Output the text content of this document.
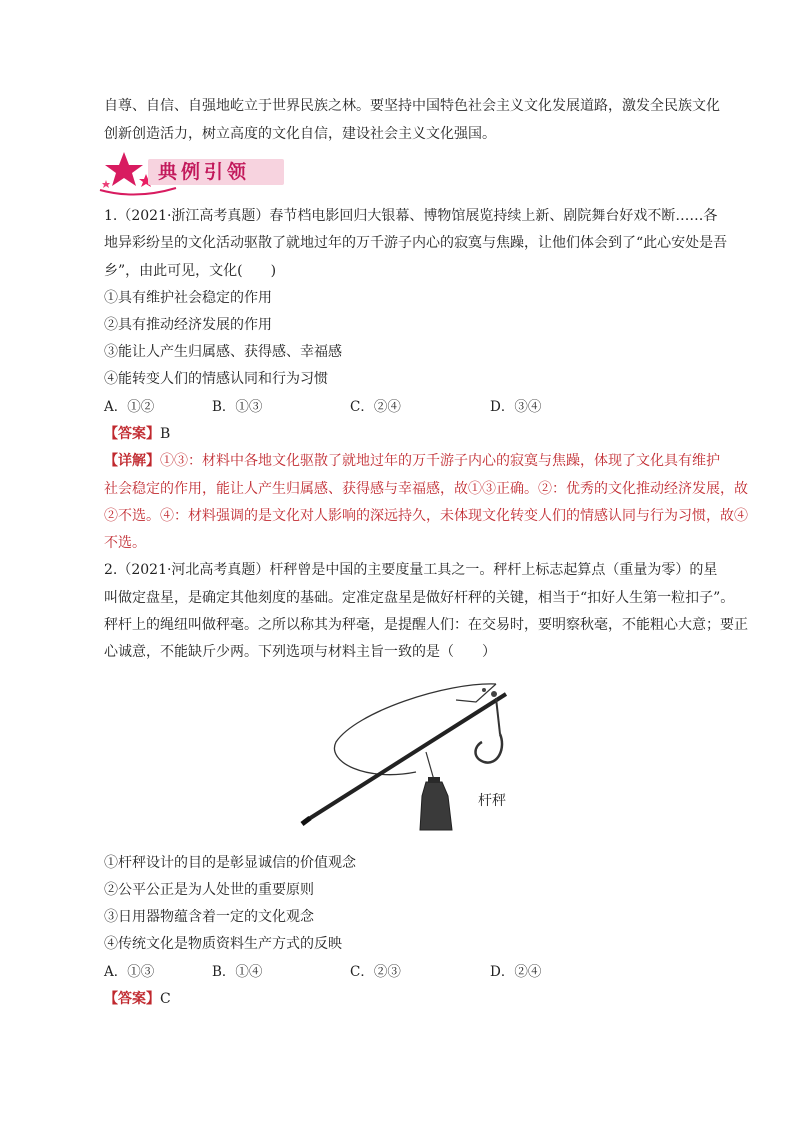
自尊、自信、自强地屹立于世界民族之林。要坚持中国特色社会主义文化发展道路，激发全民族文化
创新创造活力，树立高度的文化自信，建设社会主义文化强国。
典例引领
1.（2021·浙江高考真题）春节档电影回归大银幕、博物馆展览持续上新、剧院舞台好戏不断……各
地异彩纷呈的文化活动驱散了就地过年的万千游子内心的寂寞与焦躁，让他们体会到了“此心安处是吾
乡”，由此可见，文化(　　)
①具有维护社会稳定的作用
②具有推动经济发展的作用
③能让人产生归属感、获得感、幸福感
④能转变人们的情感认同和行为习惯
A．①②	B．①③	C．②④	D．③④
【答案】B
【详解】①③：材料中各地文化驱散了就地过年的万千游子内心的寂寞与焦躁，体现了文化具有维护
社会稳定的作用，能让人产生归属感、获得感与幸福感，故①③正确。②：优秀的文化推动经济发展，故
②不选。④：材料强调的是文化对人影响的深远持久，未体现文化转变人们的情感认同与行为习惯，故④
不选。
2.（2021·河北高考真题）杆秤曾是中国的主要度量工具之一。秤杆上标志起算点（重量为零）的星
叫做定盘星，是确定其他刻度的基础。定准定盘星是做好杆秤的关键，相当于“扣好人生第一粒扣子”。
秤杆上的绳纽叫做秤毫。之所以称其为秤毫，是提醒人们：在交易时，要明察秋毫，不能粗心大意；要正
心诚意，不能缺斤少两。下列选项与材料主旨一致的是（　　）
杆秤
①杆秤设计的目的是彰显诚信的价值观念
②公平公正是为人处世的重要原则
③日用器物蕴含着一定的文化观念
④传统文化是物质资料生产方式的反映
A．①③	B．①④	C．②③	D．②④
【答案】C
